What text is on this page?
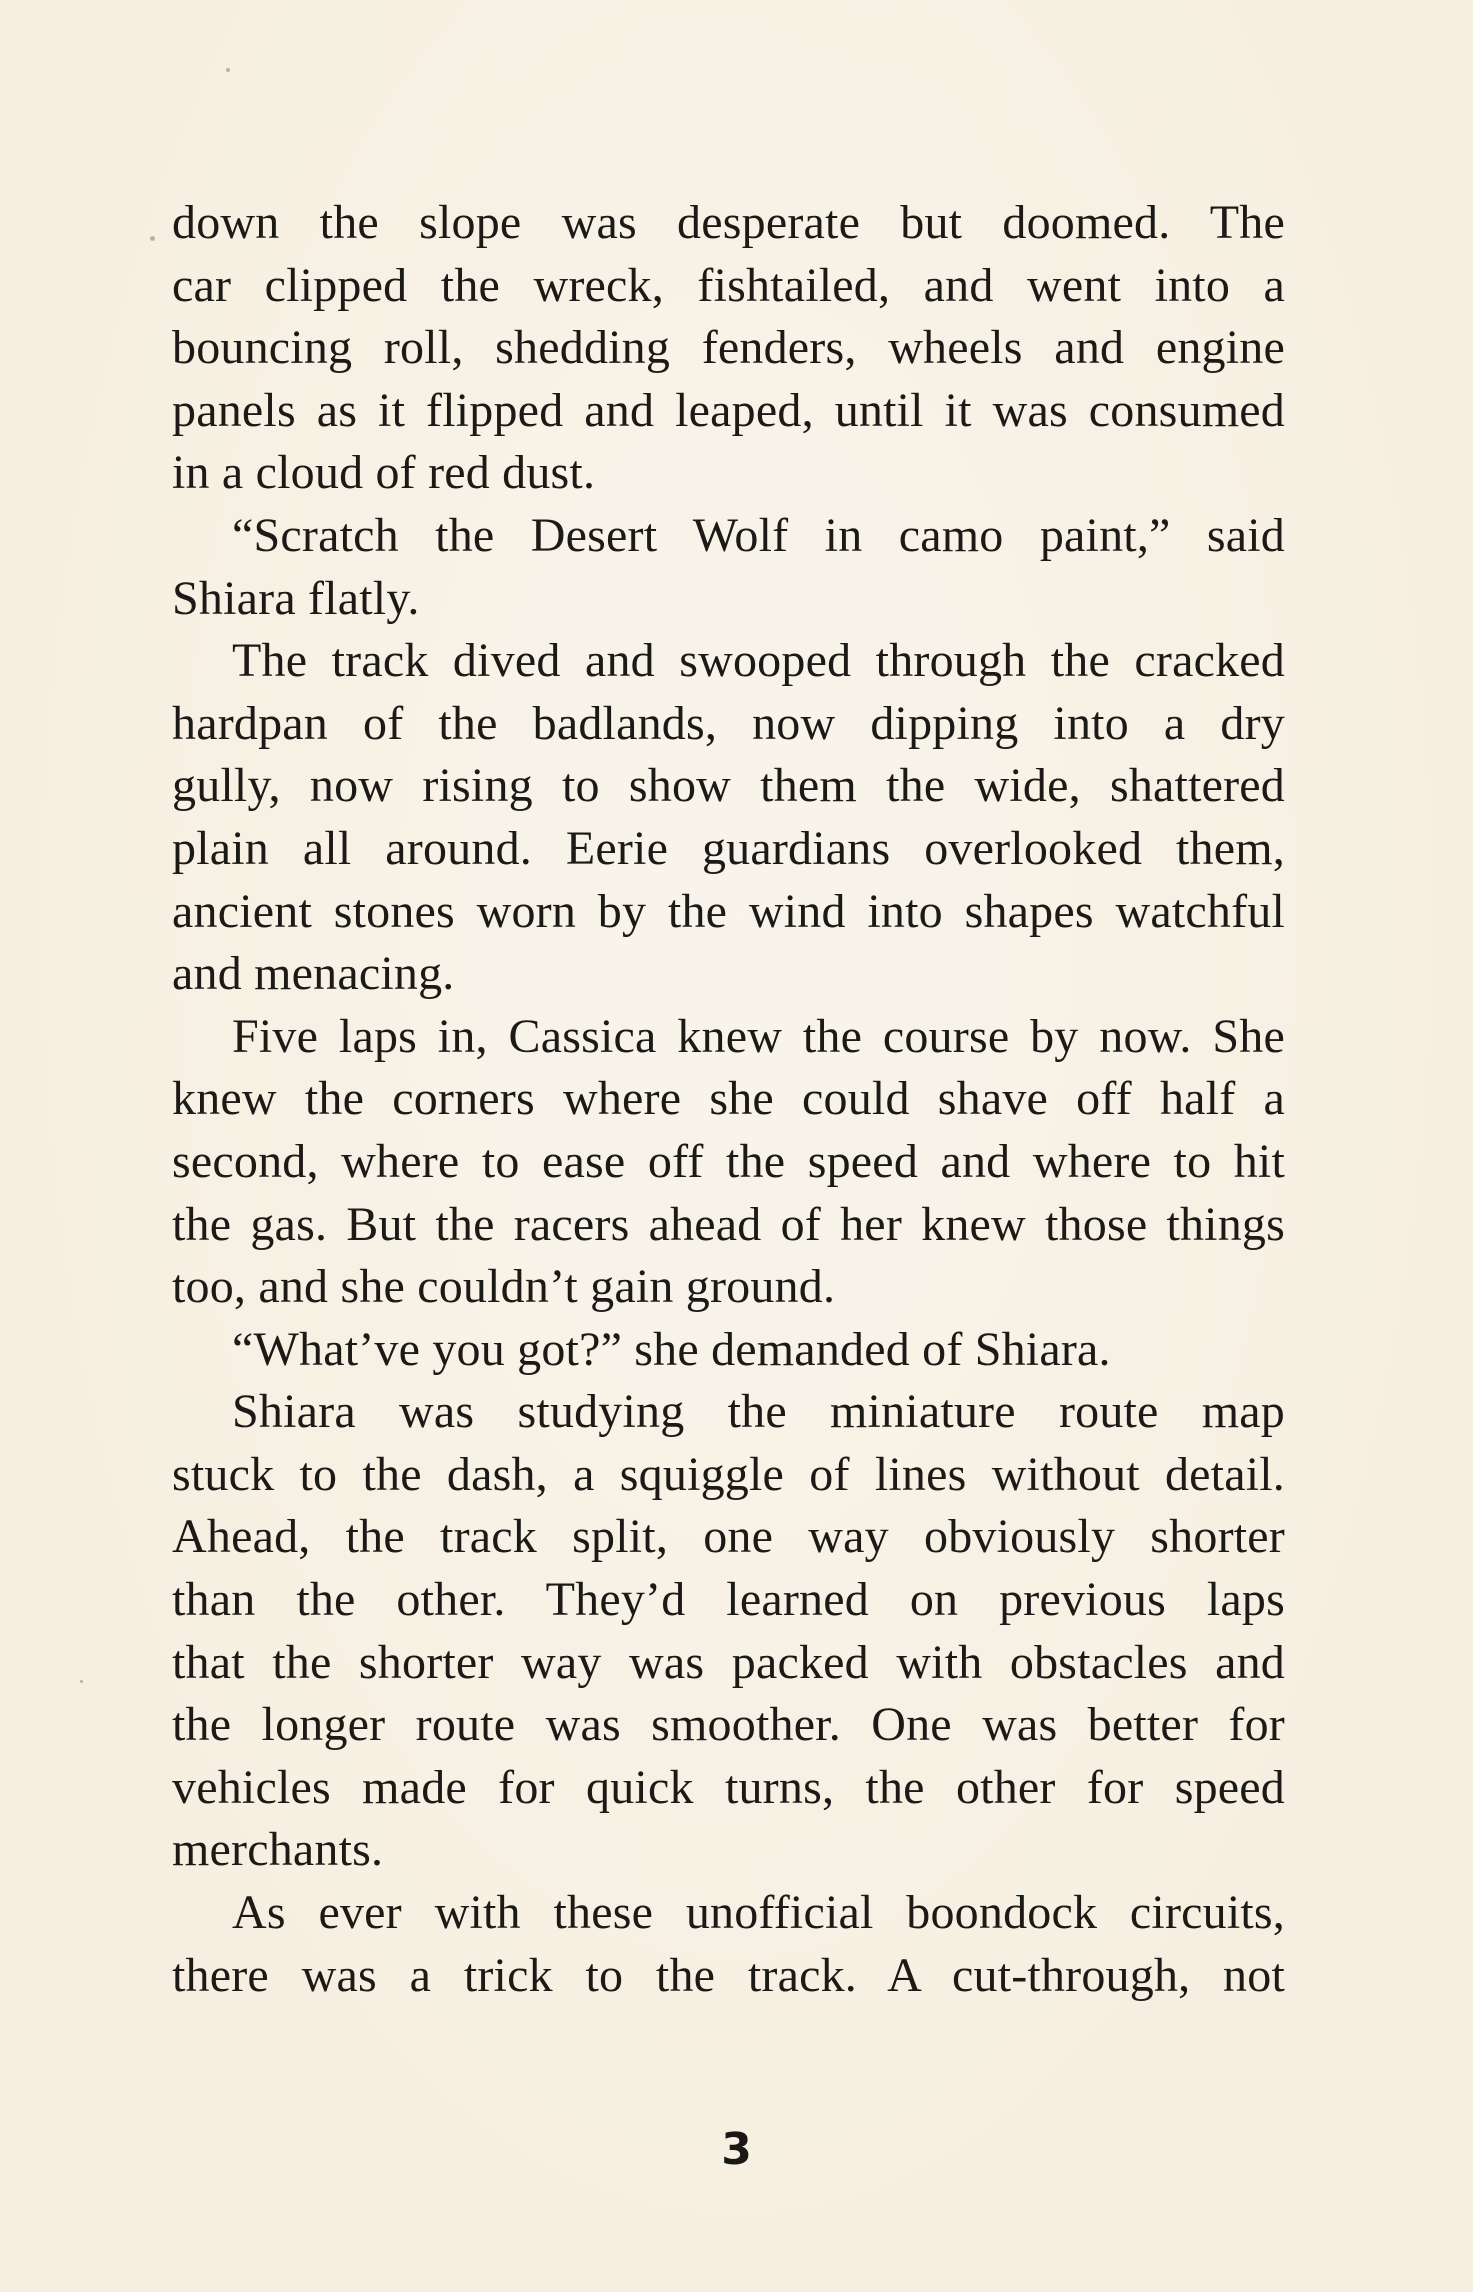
down the slope was desperate but doomed. The
car clipped the wreck, fishtailed, and went into a
bouncing roll, shedding fenders, wheels and engine
panels as it flipped and leaped, until it was consumed
in a cloud of red dust.
“Scratch the Desert Wolf in camo paint,” said
Shiara flatly.
The track dived and swooped through the cracked
hardpan of the badlands, now dipping into a dry
gully, now rising to show them the wide, shattered
plain all around. Eerie guardians overlooked them,
ancient stones worn by the wind into shapes watchful
and menacing.
Five laps in, Cassica knew the course by now. She
knew the corners where she could shave off half a
second, where to ease off the speed and where to hit
the gas. But the racers ahead of her knew those things
too, and she couldn’t gain ground.
“What’ve you got?” she demanded of Shiara.
Shiara was studying the miniature route map
stuck to the dash, a squiggle of lines without detail.
Ahead, the track split, one way obviously shorter
than the other. They’d learned on previous laps
that the shorter way was packed with obstacles and
the longer route was smoother. One was better for
vehicles made for quick turns, the other for speed
merchants.
As ever with these unofficial boondock circuits,
there was a trick to the track. A cut-through, not
3
